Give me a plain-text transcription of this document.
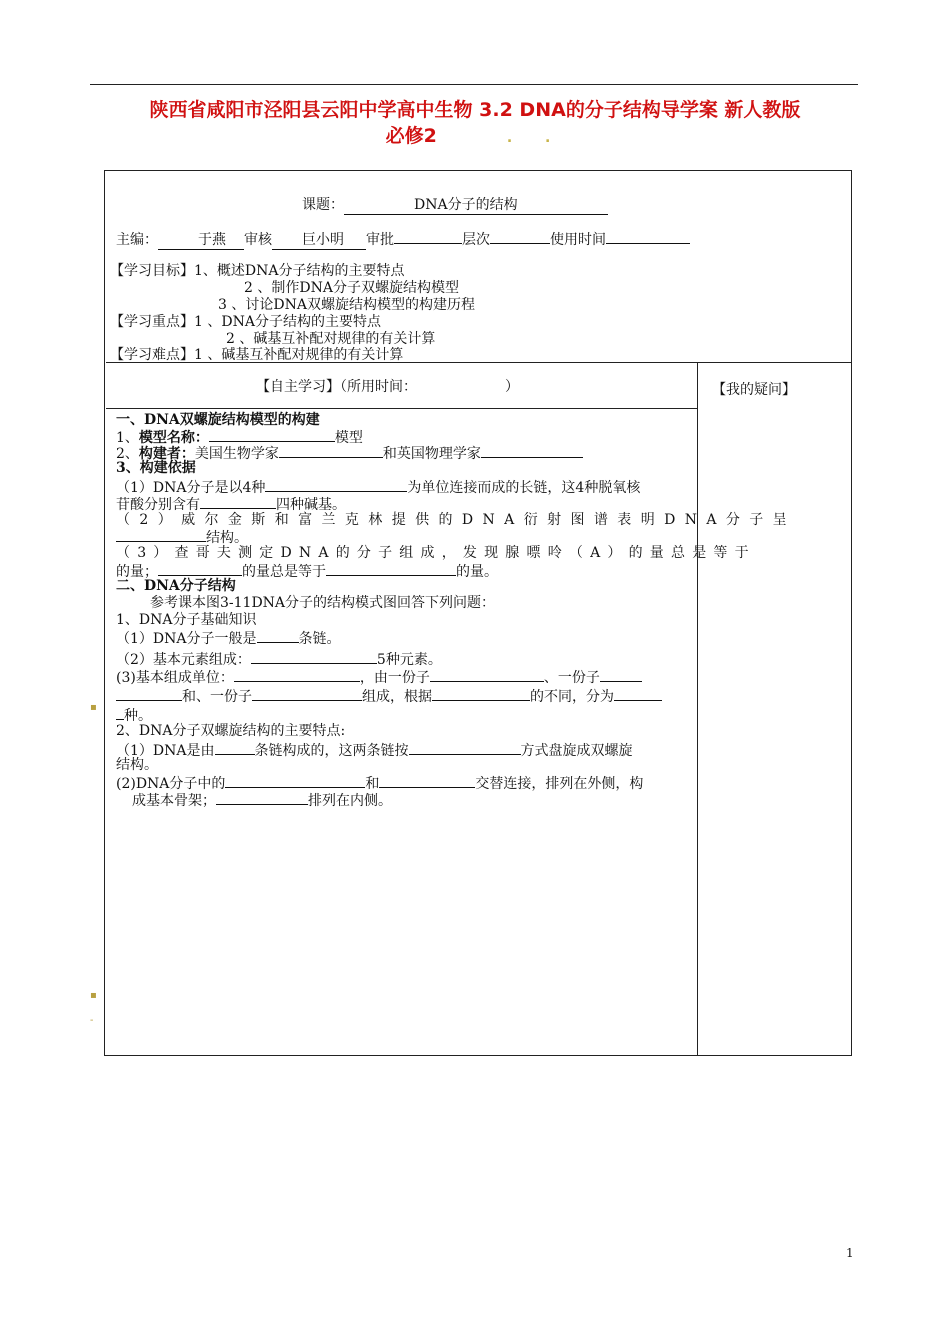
陕西省咸阳市泾阳县云阳中学高中生物 3.2 DNA的分子结构导学案 新人教版
必修2	. .
课题：	DNA分子的结构
主编：	于燕 审核 巨小明 审批	层次	使用时间
【学习目标】1、概述DNA分子结构的主要特点
2 、制作DNA分子双螺旋结构模型
3 、讨论DNA双螺旋结构模型的构建历程
【学习重点】1 、DNA分子结构的主要特点
2 、碱基互补配对规律的有关计算
【学习难点】1 、碱基互补配对规律的有关计算
【自主学习】（所用时间：	）	【我的疑问】
一、DNA双螺旋结构模型的构建
1、模型名称：	模型
2、构建者：美国生物学家	和英国物理学家
3、构建依据
（1）DNA分子是以4种	为单位连接而成的长链，这4种脱氧核
苷酸分别含有	四种碱基。
（2）威尔金斯和富兰克林提供的DNA衍射图谱表明DNA分子呈
结构。
（3）查哥夫测定DNA的分子组成，发现腺嘌呤（A）的量总是等于
的量；	的量总是等于	的量。
二、DNA分子结构
参考课本图3-11DNA分子的结构模式图回答下列问题：
1、DNA分子基础知识
（1）DNA分子一般是	条链。
（2）基本元素组成：	5种元素。
(3)基本组成单位：	，由一份子	、一份子
和、一份子	组成，根据	的不同，分为
种。
2、DNA分子双螺旋结构的主要特点:
（1）DNA是由	条链构成的，这两条链按	方式盘旋成双螺旋
结构。
(2)DNA分子中的	和	交替连接，排列在外侧，构
成基本骨架；	排列在内侧。
▪
▪
-
1
